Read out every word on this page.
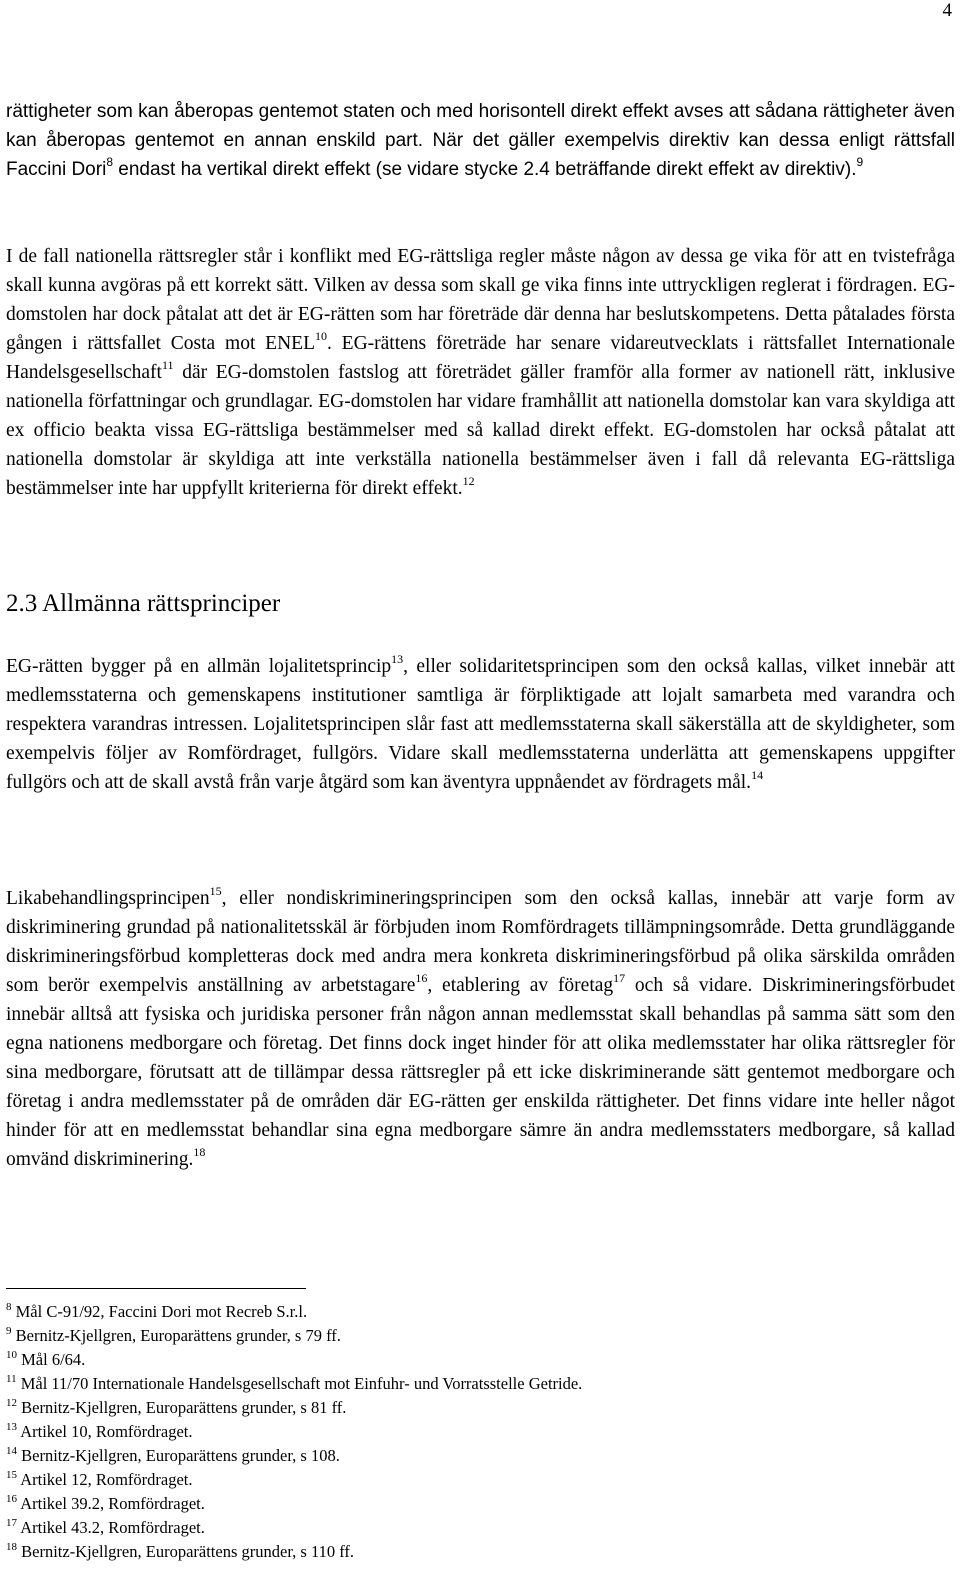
4

rättigheter som kan åberopas gentemot staten och med horisontell direkt effekt avses att sådana rättigheter även kan åberopas gentemot en annan enskild part. När det gäller exempelvis direktiv kan dessa enligt rättsfall Faccini Dori$^8$ endast ha vertikal direkt effekt (se vidare stycke 2.4 beträffande direkt effekt av direktiv).$^9$

I de fall nationella rättsregler står i konflikt med EG-rättsliga regler måste någon av dessa ge vika för att en tvistefråga skall kunna avgöras på ett korrekt sätt. Vilken av dessa som skall ge vika finns inte uttryckligen reglerat i fördragen. EG-domstolen har dock påtalat att det är EG-rätten som har företräde där denna har beslutskompetens. Detta påtalades första gången i rättsfallet Costa mot ENEL$^{10}$. EG-rättens företräde har senare vidareutvecklats i rättsfallet Internationale Handelsgesellschaft$^{11}$ där EG-domstolen fastslog att företrädet gäller framför alla former av nationell rätt, inklusive nationella författningar och grundlagar. EG-domstolen har vidare framhållit att nationella domstolar kan vara skyldiga att ex officio beakta vissa EG-rättsliga bestämmelser med så kallad direkt effekt. EG-domstolen har också påtalat att nationella domstolar är skyldiga att inte verkställa nationella bestämmelser även i fall då relevanta EG-rättsliga bestämmelser inte har uppfyllt kriterierna för direkt effekt.$^{12}$

2.3 Allmänna rättsprinciper

EG-rätten bygger på en allmän lojalitetsprincip$^{13}$, eller solidaritetsprincipen som den också kallas, vilket innebär att medlemsstaterna och gemenskapens institutioner samtliga är förpliktigade att lojalt samarbeta med varandra och respektera varandras intressen. Lojalitetsprincipen slår fast att medlemsstaterna skall säkerställa att de skyldigheter, som exempelvis följer av Romfördraget, fullgörs. Vidare skall medlemsstaterna underlätta att gemenskapens uppgifter fullgörs och att de skall avstå från varje åtgärd som kan äventyra uppnåendet av fördragets mål.$^{14}$

Likabehandlingsprincipen$^{15}$, eller nondiskrimineringsprincipen som den också kallas, innebär att varje form av diskriminering grundad på nationalitetsskäl är förbjuden inom Romfördragets tillämpningsområde. Detta grundläggande diskrimineringsförbud kompletteras dock med andra mera konkreta diskrimineringsförbud på olika särskilda områden som berör exempelvis anställning av arbetstagare$^{16}$, etablering av företag$^{17}$ och så vidare. Diskrimineringsförbudet innebär alltså att fysiska och juridiska personer från någon annan medlemsstat skall behandlas på samma sätt som den egna nationens medborgare och företag. Det finns dock inget hinder för att olika medlemsstater har olika rättsregler för sina medborgare, förutsatt att de tillämpar dessa rättsregler på ett icke diskriminerande sätt gentemot medborgare och företag i andra medlemsstater på de områden där EG-rätten ger enskilda rättigheter. Det finns vidare inte heller något hinder för att en medlemsstat behandlar sina egna medborgare sämre än andra medlemsstaters medborgare, så kallad omvänd diskriminering.$^{18}$

$^8$ Mål C-91/92, Faccini Dori mot Recreb S.r.l.
$^9$ Bernitz-Kjellgren, Europarättens grunder, s 79 ff.
$^{10}$ Mål 6/64.
$^{11}$ Mål 11/70 Internationale Handelsgesellschaft mot Einfuhr- und Vorratsstelle Getride.
$^{12}$ Bernitz-Kjellgren, Europarättens grunder, s 81 ff.
$^{13}$ Artikel 10, Romfördraget.
$^{14}$ Bernitz-Kjellgren, Europarättens grunder, s 108.
$^{15}$ Artikel 12, Romfördraget.
$^{16}$ Artikel 39.2, Romfördraget.
$^{17}$ Artikel 43.2, Romfördraget.
$^{18}$ Bernitz-Kjellgren, Europarättens grunder, s 110 ff.
